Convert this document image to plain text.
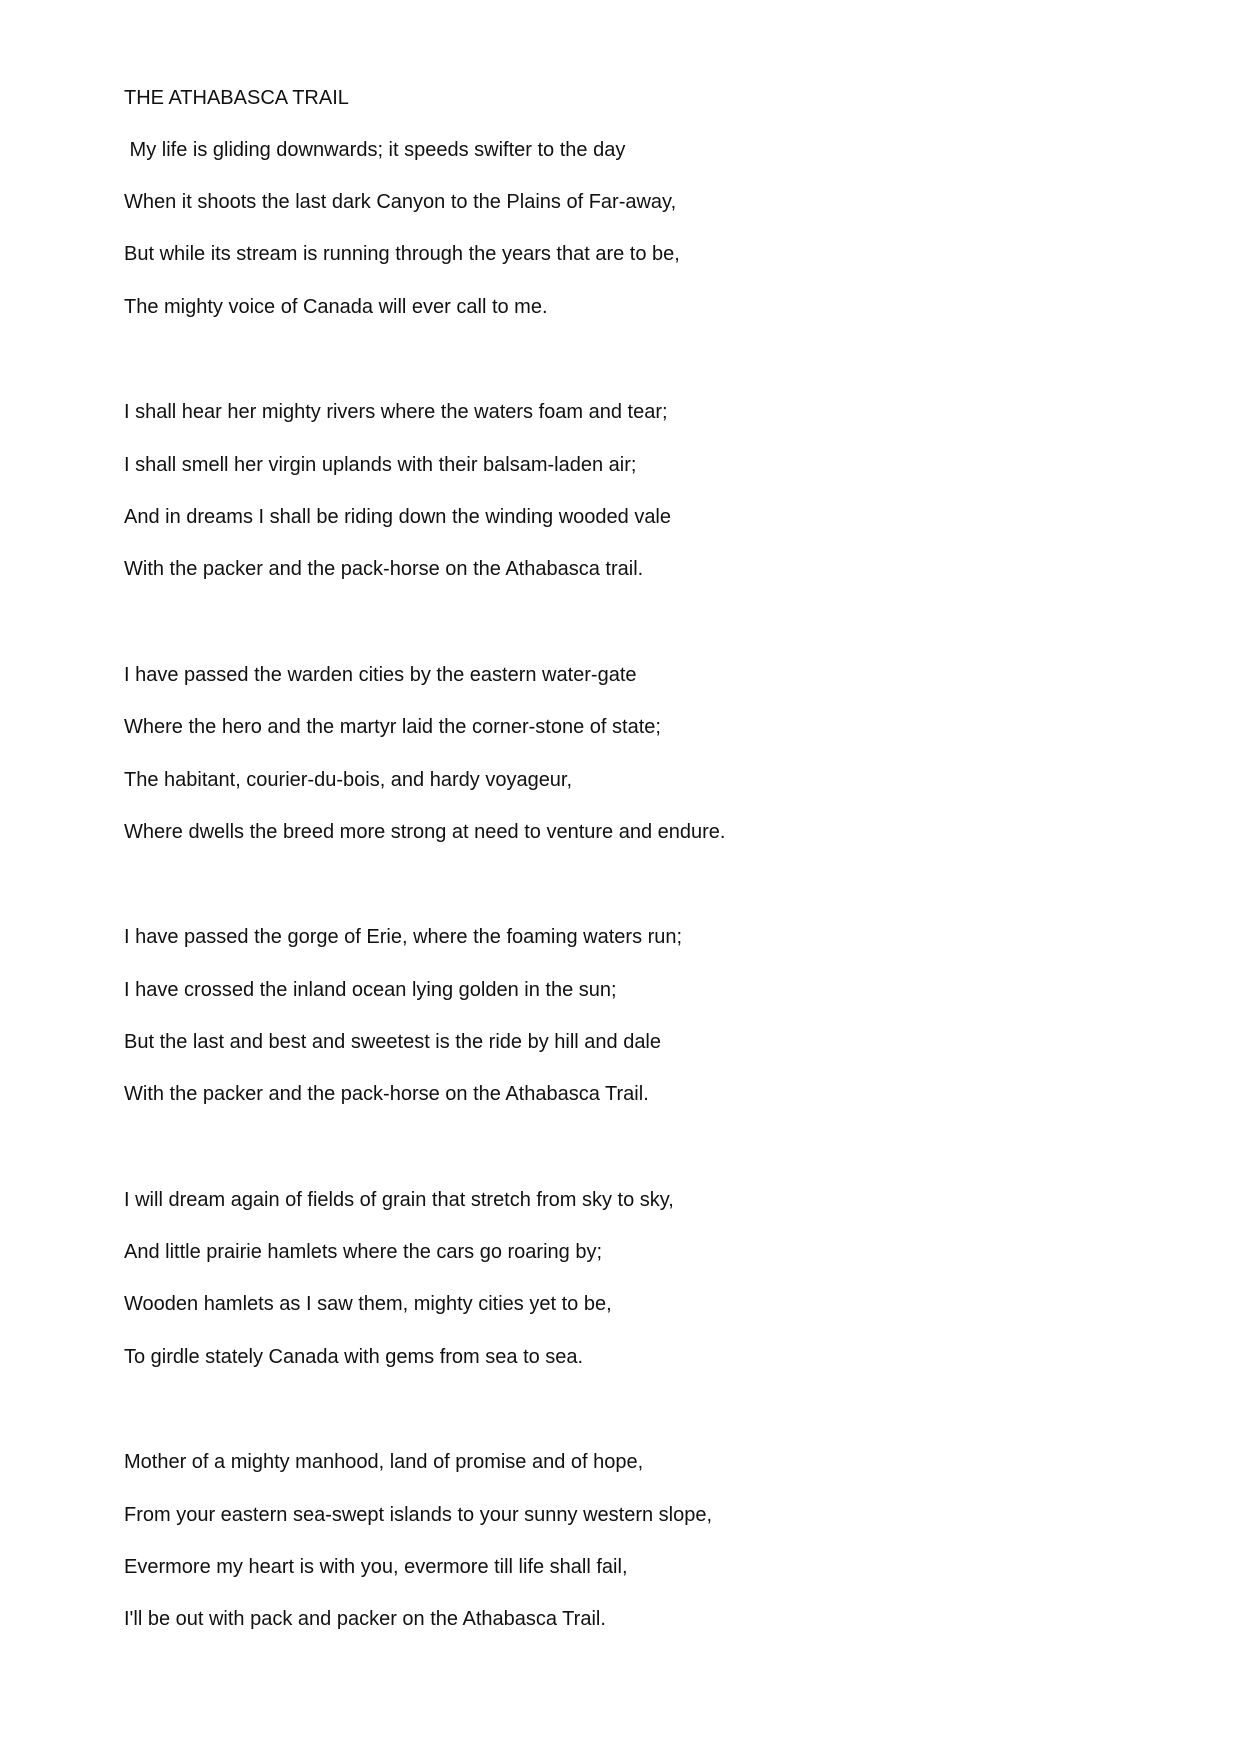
THE ATHABASCA TRAIL
My life is gliding downwards; it speeds swifter to the day
When it shoots the last dark Canyon to the Plains of Far-away,
But while its stream is running through the years that are to be,
The mighty voice of Canada will ever call to me.
I shall hear her mighty rivers where the waters foam and tear;
I shall smell her virgin uplands with their balsam-laden air;
And in dreams I shall be riding down the winding wooded vale
With the packer and the pack-horse on the Athabasca trail.
I have passed the warden cities by the eastern water-gate
Where the hero and the martyr laid the corner-stone of state;
The habitant, courier-du-bois, and hardy voyageur,
Where dwells the breed more strong at need to venture and endure.
I have passed the gorge of Erie, where the foaming waters run;
I have crossed the inland ocean lying golden in the sun;
But the last and best and sweetest is the ride by hill and dale
With the packer and the pack-horse on the Athabasca Trail.
I will dream again of fields of grain that stretch from sky to sky,
And little prairie hamlets where the cars go roaring by;
Wooden hamlets as I saw them, mighty cities yet to be,
To girdle stately Canada with gems from sea to sea.
Mother of a mighty manhood, land of promise and of hope,
From your eastern sea-swept islands to your sunny western slope,
Evermore my heart is with you, evermore till life shall fail,
I'll be out with pack and packer on the Athabasca Trail.
